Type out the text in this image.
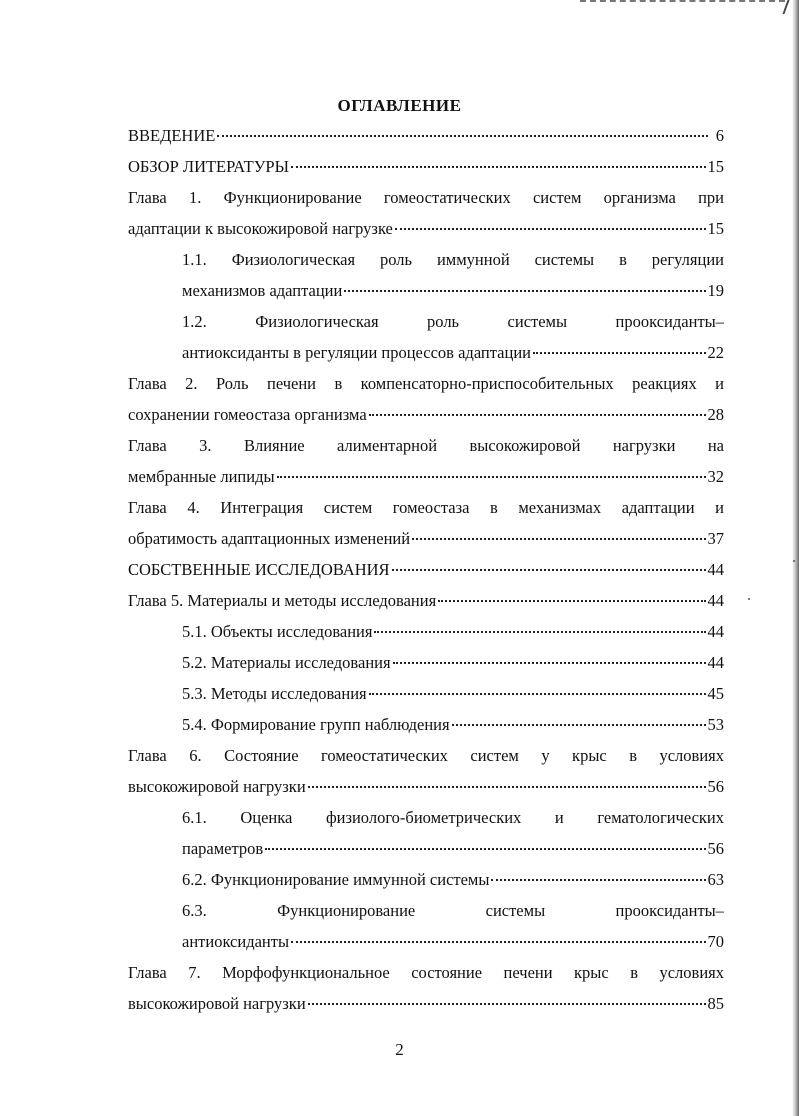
ОГЛАВЛЕНИЕ
ВВЕДЕНИЕ	6
ОБЗОР ЛИТЕРАТУРЫ	15
Глава 1. Функционирование гомеостатических систем организма при
адаптации к высокожировой нагрузке	15
1.1. Физиологическая роль иммунной системы в регуляции
механизмов адаптации	19
1.2. Физиологическая роль системы прооксиданты–
антиоксиданты в регуляции процессов адаптации	22
Глава 2. Роль печени в компенсаторно-приспособительных реакциях и
сохранении гомеостаза организма	28
Глава 3. Влияние алиментарной высокожировой нагрузки на
мембранные липиды	32
Глава 4. Интеграция систем гомеостаза в механизмах адаптации и
обратимость адаптационных изменений	37
СОБСТВЕННЫЕ ИССЛЕДОВАНИЯ	44
Глава 5. Материалы и методы исследования	44
5.1. Объекты исследования	44
5.2. Материалы исследования	44
5.3. Методы исследования	45
5.4. Формирование групп наблюдения	53
Глава 6. Состояние гомеостатических систем у крыс в условиях
высокожировой нагрузки	56
6.1. Оценка физиолого-биометрических и гематологических
параметров	56
6.2. Функционирование иммунной системы	63
6.3. Функционирование системы прооксиданты–
антиоксиданты	70
Глава 7. Морфофункциональное состояние печени крыс в условиях
высокожировой нагрузки	85
2
